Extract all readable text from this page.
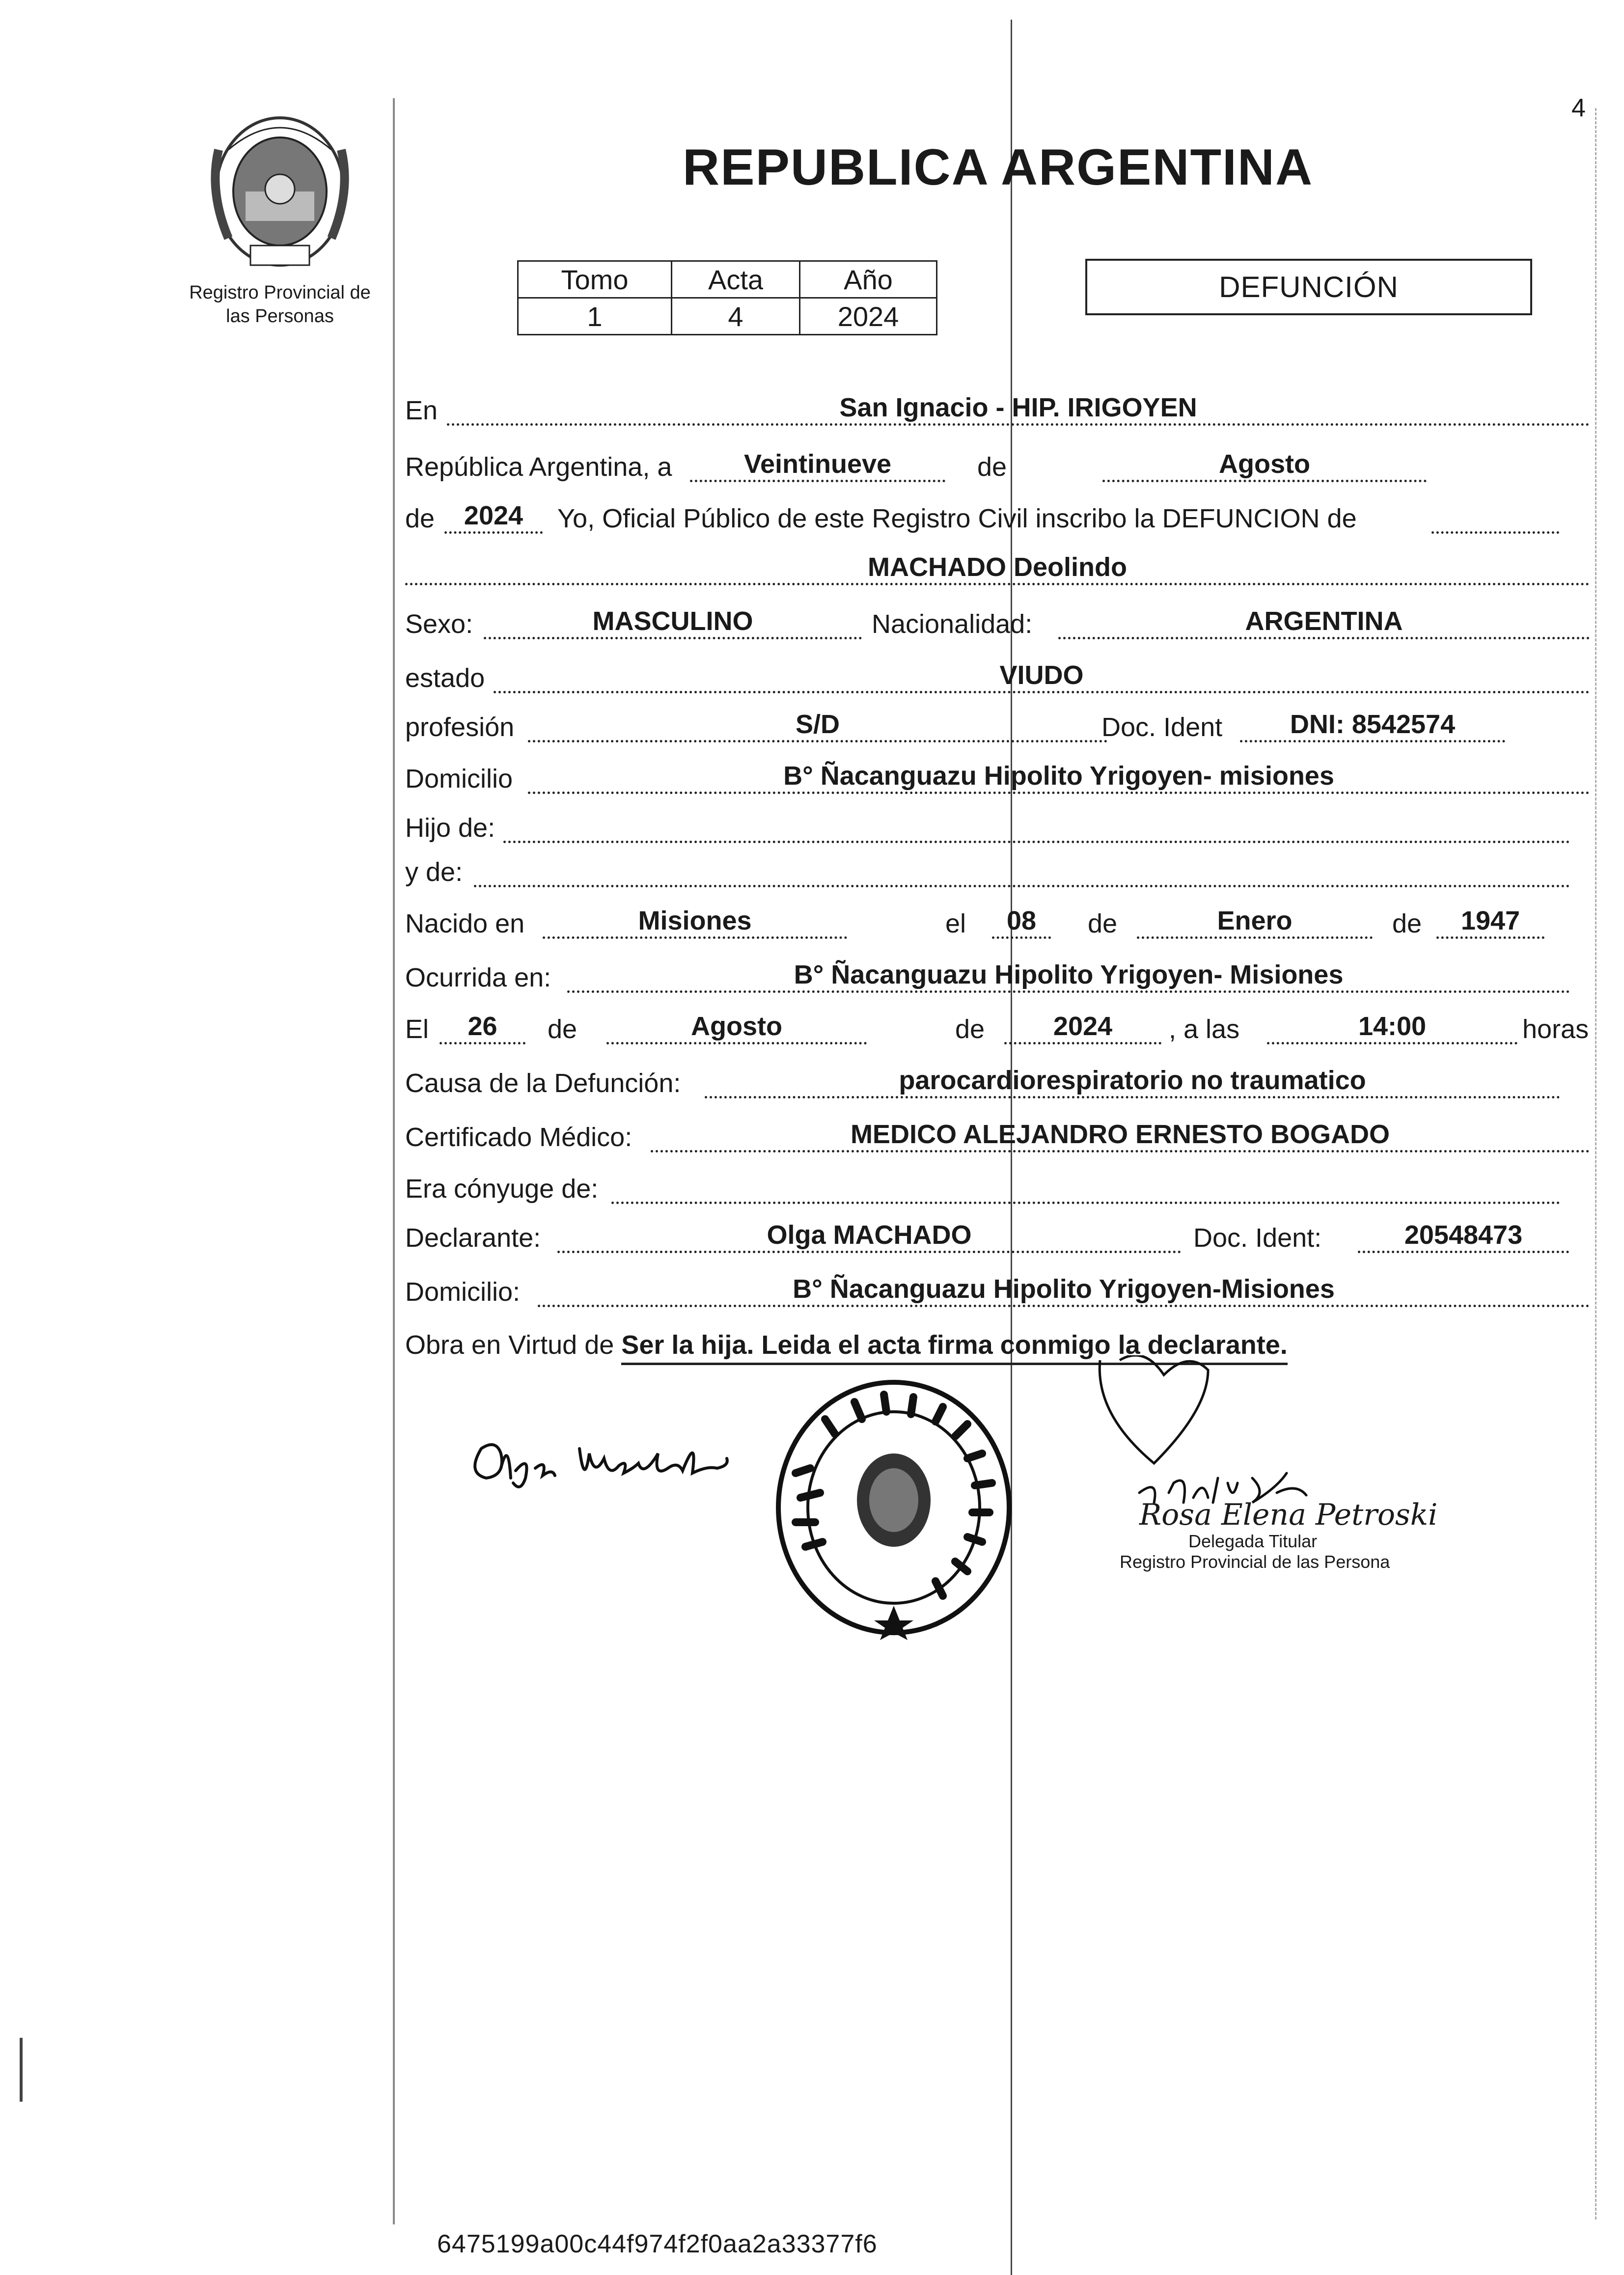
4
Registro Provincial de
las Personas
REPUBLICA ARGENTINA
Tomo	Acta	Año
1	4	2024
DEFUNCIÓN
En	San Ignacio - HIP. IRIGOYEN
República Argentina, a	Veintinueve	de	Agosto
de	2024	Yo, Oficial Público de este Registro Civil inscribo la DEFUNCION de
MACHADO Deolindo
Sexo:	MASCULINO	Nacionalidad:	ARGENTINA
estado	VIUDO
profesión	S/D	Doc. Ident	DNI: 8542574
Domicilio	B° Ñacanguazu Hipolito Yrigoyen- misiones
Hijo de:
y de:
Nacido en	Misiones	el	08	de	Enero	de	1947
Ocurrida en:	B° Ñacanguazu Hipolito Yrigoyen- Misiones
El	26	de	Agosto	de	2024	, a las	14:00	horas
Causa de la Defunción:	parocardiorespiratorio no traumatico
Certificado Médico:	MEDICO ALEJANDRO ERNESTO BOGADO
Era cónyuge de:
Declarante:	Olga MACHADO	Doc. Ident:	20548473
Domicilio:	B° Ñacanguazu Hipolito Yrigoyen-Misiones
Obra en Virtud de Ser la hija. Leida el acta firma conmigo la declarante.
Rosa Elena Petroski
Delegada Titular
Registro Provincial de las Persona
6475199a00c44f974f2f0aa2a33377f6
